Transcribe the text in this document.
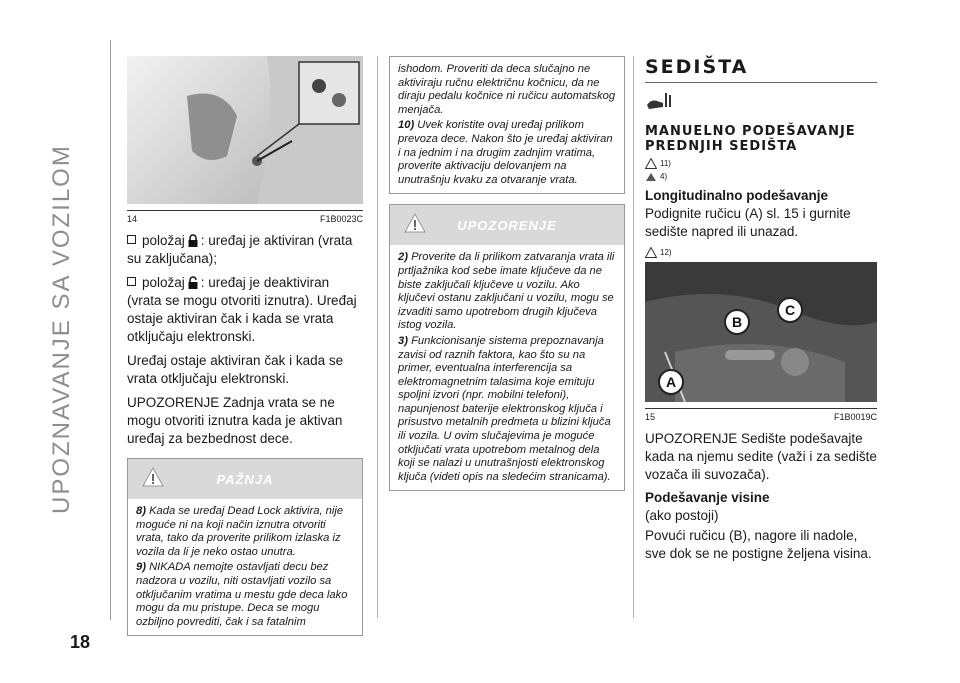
UPOZNAVANJE SA VOZILOM
18
14	F1B0023C

položaj : uređaj je aktiviran (vrata su zaključana);

položaj : uređaj je deaktiviran (vrata se mogu otvoriti iznutra). Uređaj ostaje aktiviran čak i kada se vrata otključaju elektronski.

Uređaj ostaje aktiviran čak i kada se vrata otključaju elektronski.

UPOZORENJE Zadnja vrata se ne mogu otvoriti iznutra kada je aktivan uređaj za bezbednost dece.

PAŽNJA

8) Kada se uređaj Dead Lock aktivira, nije moguće ni na koji način iznutra otvoriti vrata, tako da proverite prilikom izlaska iz vozila da li je neko ostao unutra.

9) NIKADA nemojte ostavljati decu bez nadzora u vozilu, niti ostavljati vozilo sa otključanim vratima u mestu gde deca lako mogu da mu pristupe. Deca se mogu ozbiljno povrediti, čak i sa fatalnim

ishodom. Proveriti da deca slučajno ne aktiviraju ručnu električnu kočnicu, da ne diraju pedalu kočnice ni ručicu automatskog menjača.

10) Uvek koristite ovaj uređaj prilikom prevoza dece. Nakon što je uređaj aktiviran i na jednim i na drugim zadnjim vratima, proverite aktivaciju delovanjem na unutrašnju kvaku za otvaranje vrata.

UPOZORENJE

2) Proverite da li prilikom zatvaranja vrata ili prtljažnika kod sebe imate ključeve da ne biste zaključali ključeve u vozilu. Ako ključevi ostanu zaključani u vozilu, mogu se izvaditi samo upotrebom drugih ključeva istog vozila.

3) Funkcionisanje sistema prepoznavanja zavisi od raznih faktora, kao što su na primer, eventualna interferencija sa elektromagnetnim talasima koje emituju spoljni izvori (npr. mobilni telefoni), napunjenost baterije elektronskog ključa i prisustvo metalnih predmeta u blizini ključa ili vozila. U ovim slučajevima je moguće otključati vrata upotrebom metalnog dela koji se nalazi u unutrašnjosti elektronskog ključa (videti opis na sledećim stranicama).

SEDIŠTA
MANUELNO PODEŠAVANJE PREDNJIH SEDIŠTA
11)
4)
Longitudinalno podešavanje

Podignite ručicu (A) sl. 15 i gurnite sedište napred ili unazad.

12)
B
C
A
15	F1B0019C

UPOZORENJE Sedište podešavajte kada na njemu sedite (važi i za sedište vozača ili suvozača).

Podešavanje visine

(ako postoji)

Povući ručicu (B), nagore ili nadole, sve dok se ne postigne željena visina.
